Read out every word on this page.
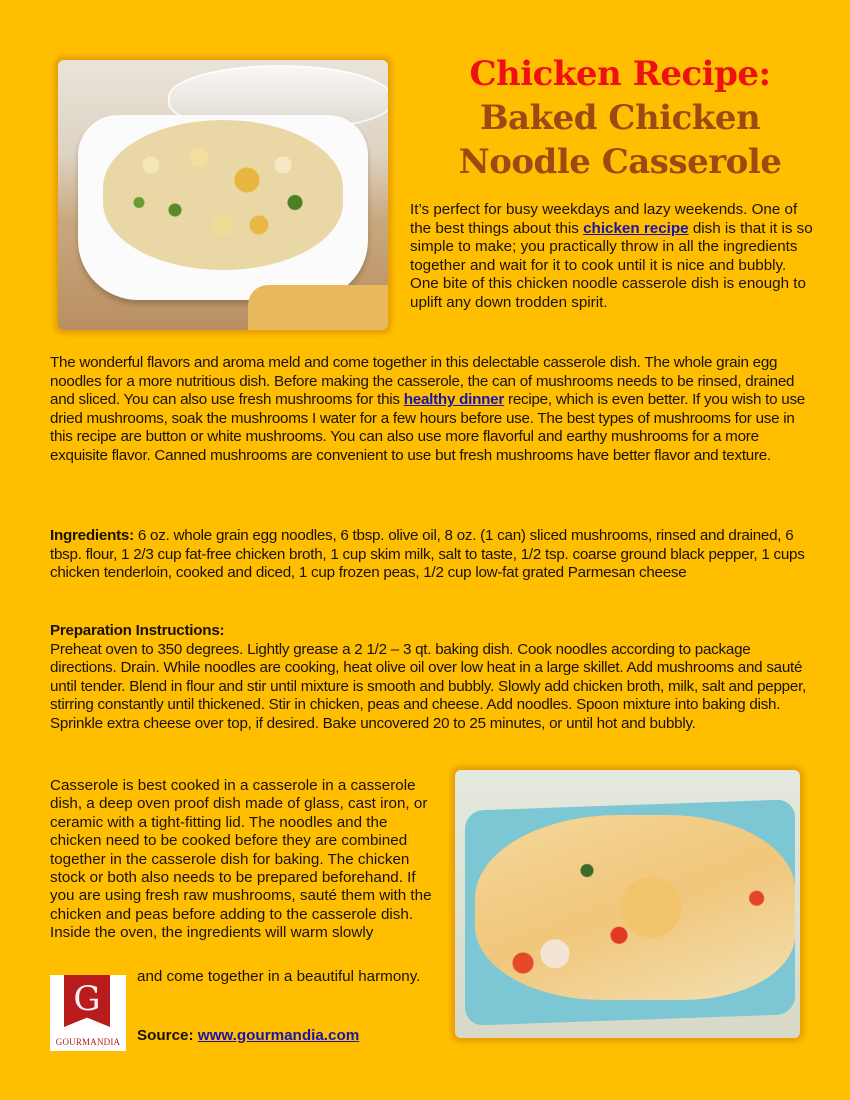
Chicken Recipe:
Baked Chicken
Noodle Casserole
It’s perfect for busy weekdays and lazy weekends. One of the best things about this chicken recipe dish is that it is so simple to make; you practically throw in all the ingredients together and wait for it to cook until it is nice and bubbly. One bite of this chicken noodle casserole dish is enough to uplift any down trodden spirit.
The wonderful flavors and aroma meld and come together in this delectable casserole dish. The whole grain egg noodles for a more nutritious dish. Before making the casserole, the can of mushrooms needs to be rinsed, drained and sliced. You can also use fresh mushrooms for this healthy dinner recipe, which is even better. If you wish to use dried mushrooms, soak the mushrooms I water for a few hours before use. The best types of mushrooms for use in this recipe are button or white mushrooms. You can also use more flavorful and earthy mushrooms for a more exquisite flavor. Canned mushrooms are convenient to use but fresh mushrooms have better flavor and texture.
Ingredients: 6 oz. whole grain egg noodles, 6 tbsp. olive oil, 8 oz. (1 can) sliced mushrooms, rinsed and drained, 6 tbsp. flour, 1 2/3 cup fat-free chicken broth, 1 cup skim milk, salt to taste, 1/2 tsp. coarse ground black pepper, 1 cups chicken tenderloin, cooked and diced, 1 cup frozen peas, 1/2 cup low-fat grated Parmesan cheese
Preparation Instructions:
Preheat oven to 350 degrees. Lightly grease a 2 1/2 – 3 qt. baking dish. Cook noodles according to package directions. Drain. While noodles are cooking, heat olive oil over low heat in a large skillet. Add mushrooms and sauté until tender. Blend in flour and stir until mixture is smooth and bubbly. Slowly add chicken broth, milk, salt and pepper, stirring constantly until thickened. Stir in chicken, peas and cheese. Add noodles. Spoon mixture into baking dish. Sprinkle extra cheese over top, if desired. Bake uncovered 20 to 25 minutes, or until hot and bubbly.
Casserole is best cooked in a casserole in a casserole dish, a deep oven proof dish made of glass, cast iron, or ceramic with a tight-fitting lid. The noodles and the chicken need to be cooked before they are combined together in the casserole dish for baking. The chicken stock or both also needs to be prepared beforehand. If you are using fresh raw mushrooms, sauté them with the chicken and peas before adding to the casserole dish. Inside the oven, the ingredients will warm slowly
G
GOURMANDIA
and come together in a beautiful harmony.
Source: www.gourmandia.com
